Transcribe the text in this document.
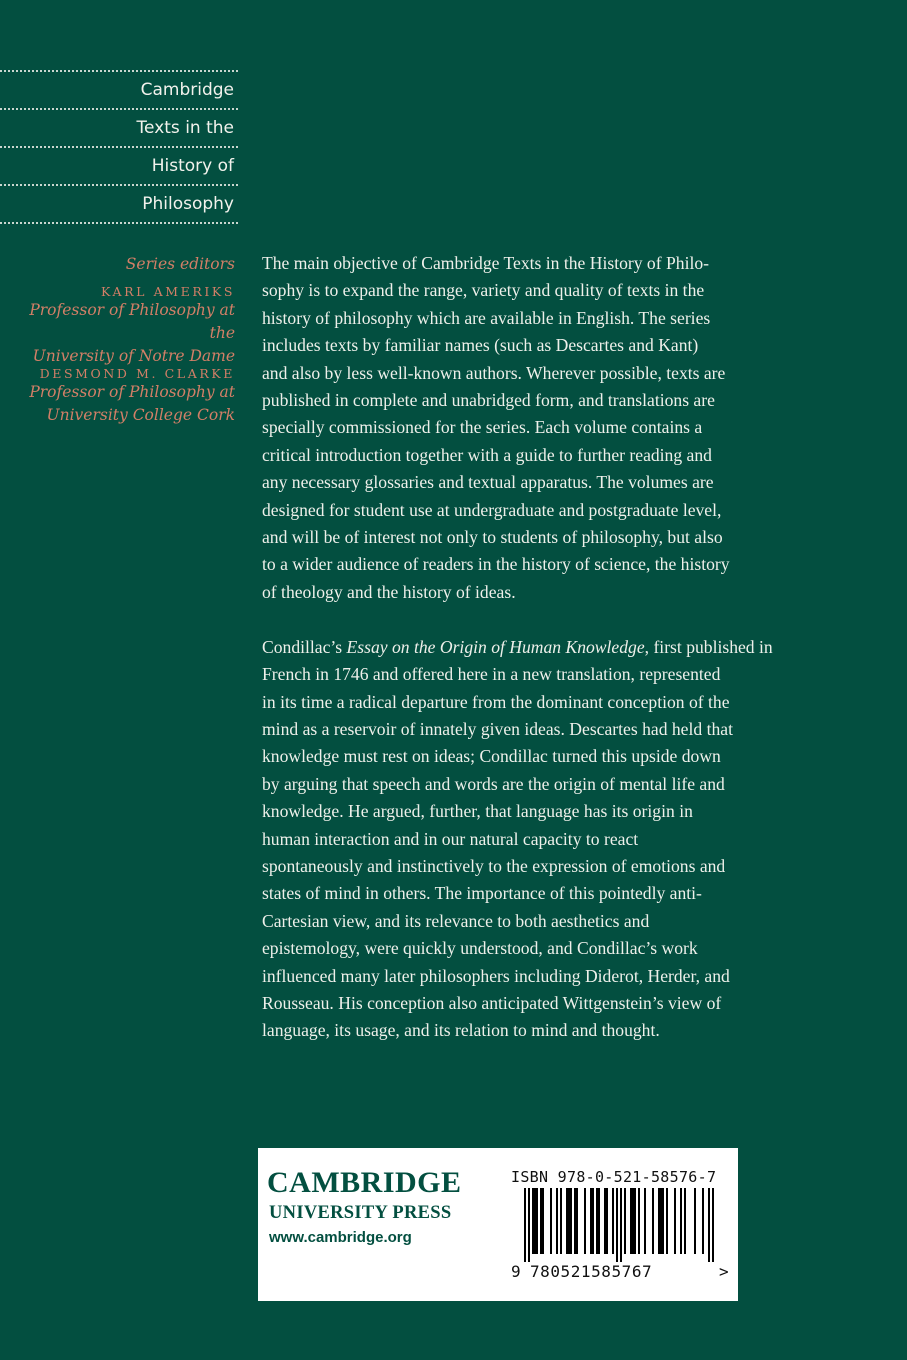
Cambridge
Texts in the
History of
Philosophy
Series editors
KARL AMERIKS
Professor of Philosophy at the
University of Notre Dame
DESMOND M. CLARKE
Professor of Philosophy at
University College Cork

The main objective of Cambridge Texts in the History of Philo-
sophy is to expand the range, variety and quality of texts in the
history of philosophy which are available in English. The series
includes texts by familiar names (such as Descartes and Kant)
and also by less well-known authors. Wherever possible, texts are
published in complete and unabridged form, and translations are
specially commissioned for the series. Each volume contains a
critical introduction together with a guide to further reading and
any necessary glossaries and textual apparatus. The volumes are
designed for student use at undergraduate and postgraduate level,
and will be of interest not only to students of philosophy, but also
to a wider audience of readers in the history of science, the history
of theology and the history of ideas.

Condillac’s Essay on the Origin of Human Knowledge, first published in
French in 1746 and offered here in a new translation, represented
in its time a radical departure from the dominant conception of the
mind as a reservoir of innately given ideas. Descartes had held that
knowledge must rest on ideas; Condillac turned this upside down
by arguing that speech and words are the origin of mental life and
knowledge. He argued, further, that language has its origin in
human interaction and in our natural capacity to react
spontaneously and instinctively to the expression of emotions and
states of mind in others. The importance of this pointedly anti-
Cartesian view, and its relevance to both aesthetics and
epistemology, were quickly understood, and Condillac’s work
influenced many later philosophers including Diderot, Herder, and
Rousseau. His conception also anticipated Wittgenstein’s view of
language, its usage, and its relation to mind and thought.

CAMBRIDGE
UNIVERSITY PRESS
www.cambridge.org
ISBN 978-0-521-58576-7
9 780521585767	>
